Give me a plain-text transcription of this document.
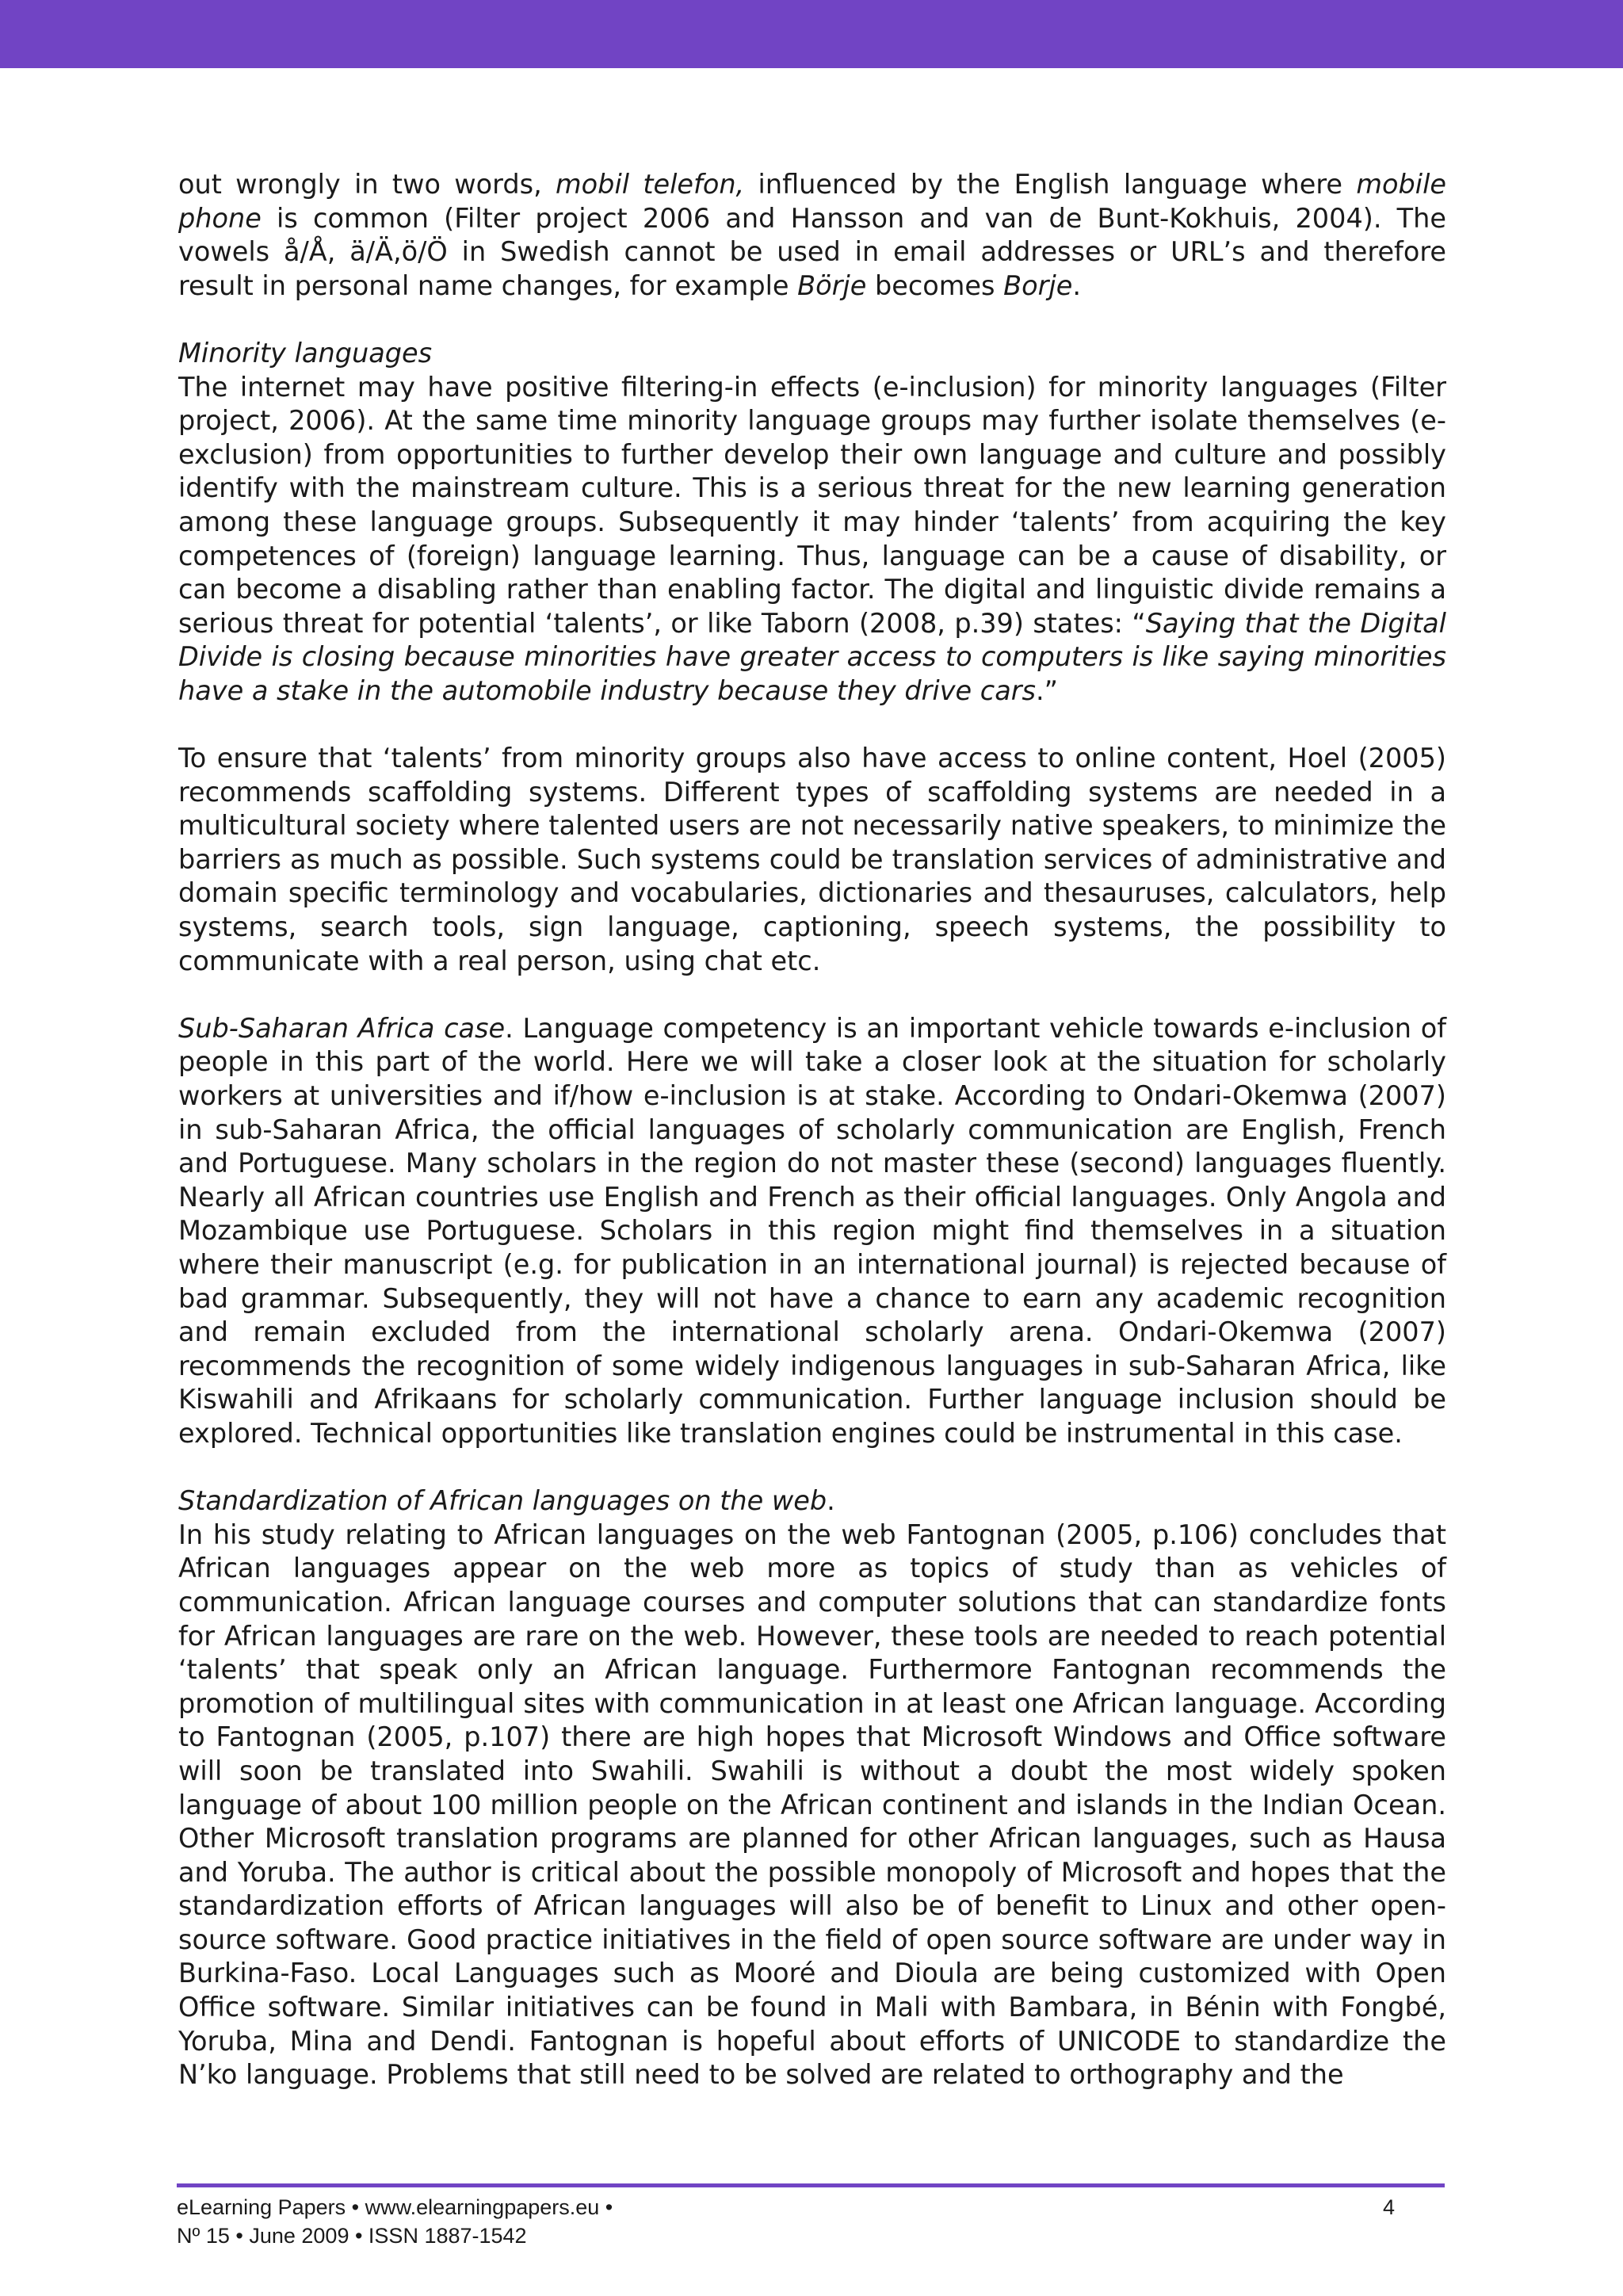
out wrongly in two words, mobil telefon, influenced by the English language where mobile phone is common (Filter project 2006 and Hansson and van de Bunt-Kokhuis, 2004). The vowels å/Å, ä/Ä,ö/Ö in Swedish cannot be used in email addresses or URL’s and therefore result in personal name changes, for example Börje becomes Borje.

Minority languages
The internet may have positive filtering-in effects (e-inclusion) for minority languages (Filter project, 2006). At the same time minority language groups may further isolate themselves (e-exclusion) from opportunities to further develop their own language and culture and possibly identify with the mainstream culture. This is a serious threat for the new learning generation among these language groups. Subsequently it may hinder ‘talents’ from acquiring the key competences of (foreign) language learning. Thus, language can be a cause of disability, or can become a disabling rather than enabling factor. The digital and linguistic divide remains a serious threat for potential ‘talents’, or like Taborn (2008, p.39) states: “Saying that the Digital Divide is closing because minorities have greater access to computers is like saying minorities have a stake in the automobile industry because they drive cars.”

To ensure that ‘talents’ from minority groups also have access to online content, Hoel (2005) recommends scaffolding systems. Different types of scaffolding systems are needed in a multicultural society where talented users are not necessarily native speakers, to minimize the barriers as much as possible. Such systems could be translation services of administrative and domain specific terminology and vocabularies, dictionaries and thesauruses, calculators, help systems, search tools, sign language, captioning, speech systems, the possibility to communicate with a real person, using chat etc.

Sub-Saharan Africa case. Language competency is an important vehicle towards e-inclusion of people in this part of the world. Here we will take a closer look at the situation for scholarly workers at universities and if/how e-inclusion is at stake. According to Ondari-Okemwa (2007) in sub-Saharan Africa, the official languages of scholarly communication are English, French and Portuguese. Many scholars in the region do not master these (second) languages fluently. Nearly all African countries use English and French as their official languages. Only Angola and Mozambique use Portuguese. Scholars in this region might find themselves in a situation where their manuscript (e.g. for publication in an international journal) is rejected because of bad grammar. Subsequently, they will not have a chance to earn any academic recognition and remain excluded from the international scholarly arena. Ondari-Okemwa (2007) recommends the recognition of some widely indigenous languages in sub-Saharan Africa, like Kiswahili and Afrikaans for scholarly communication. Further language inclusion should be explored. Technical opportunities like translation engines could be instrumental in this case.

Standardization of African languages on the web.
In his study relating to African languages on the web Fantognan (2005, p.106) concludes that African languages appear on the web more as topics of study than as vehicles of communication. African language courses and computer solutions that can standardize fonts for African languages are rare on the web. However, these tools are needed to reach potential ‘talents’ that speak only an African language. Furthermore Fantognan recommends the promotion of multilingual sites with communication in at least one African language. According to Fantognan (2005, p.107) there are high hopes that Microsoft Windows and Office software will soon be translated into Swahili. Swahili is without a doubt the most widely spoken language of about 100 million people on the African continent and islands in the Indian Ocean. Other Microsoft translation programs are planned for other African languages, such as Hausa and Yoruba. The author is critical about the possible monopoly of Microsoft and hopes that the standardization efforts of African languages will also be of benefit to Linux and other open-source software. Good practice initiatives in the field of open source software are under way in Burkina-Faso. Local Languages such as Mooré and Dioula are being customized with Open Office software. Similar initiatives can be found in Mali with Bambara, in Bénin with Fongbé, Yoruba, Mina and Dendi. Fantognan is hopeful about efforts of UNICODE to standardize the N’ko language. Problems that still need to be solved are related to orthography and the

eLearning Papers • www.elearningpapers.eu •
Nº 15 • June 2009 • ISSN 1887-1542
4
